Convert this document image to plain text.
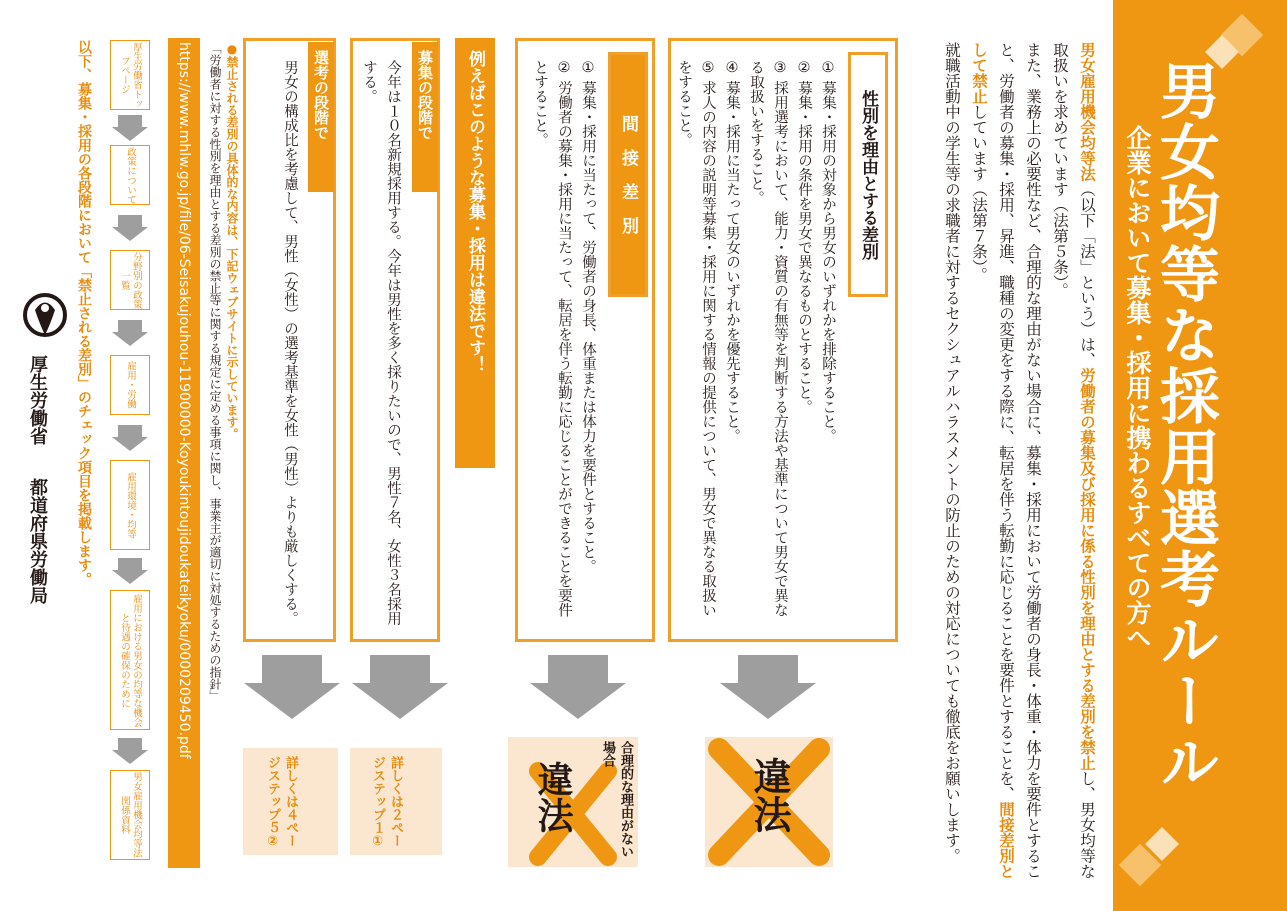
男女均等な採用選考ルール
企業において募集・採用に携わるすべての方へ
男女雇用機会均等法（以下「法」という）は、労働者の募集及び採用に係る性別を理由とする差別を禁止し、男女均等な取扱いを求めています（法第５条）。
また、業務上の必要性など、合理的な理由がない場合に、募集・採用において労働者の身長・体重・体力を要件とすること、労働者の募集・採用、昇進、職種の変更をする際に、転居を伴う転勤に応じることを要件とすることを、間接差別として禁止しています（法第７条）。
就職活動中の学生等の求職者に対するセクシュアルハラスメントの防止のための対応についても徹底をお願いします。
性別を理由とする差別
① 募集・採用の対象から男女のいずれかを排除すること。
② 募集・採用の条件を男女で異なるものとすること。
③ 採用選考において、能力・資質の有無等を判断する方法や基準について男女で異なる取扱いをすること。
④ 募集・採用に当たって男女のいずれかを優先すること。
⑤ 求人の内容の説明等募集・採用に関する情報の提供について、男女で異なる取扱いをすること。
間　接　差　別
① 募集・採用に当たって、労働者の身長、体重または体力を要件とすること。
② 労働者の募集・採用に当たって、転居を伴う転勤に応じることができることを要件とすること。
例えばこのような募集・採用は違法です！
募集の段階で
今年は１０名新規採用する。今年は男性を多く採りたいので、男性７名、女性３名採用する。
選考の段階で
男女の構成比を考慮して、男性（女性）の選考基準を女性（男性）よりも厳しくする。
違法
合理的な理由がない場合
違法
詳しくは２ページステップ１①
詳しくは４ページステップ５②
●禁止される差別の具体的な内容は、下記ウェブサイトに示しています。
「労働者に対する性別を理由とする差別の禁止等に関する規定に定める事項に関し、事業主が適切に対処するための指針」
https://www.mhlw.go.jp/file/06-Seisakujouhou-11900000-Koyoukintoujidoukateikyoku/0000209450.pdf
厚生労働省トップページ
政策について
分野別の政策一覧
雇用・労働
雇用環境・均等
雇用における男女の均等な機会と待遇の確保のために
男女雇用機会均等法関係資料
以下、募集・採用の各段階において「禁止される差別」のチェック項目を掲載します。
厚生労働省
都道府県労働局
